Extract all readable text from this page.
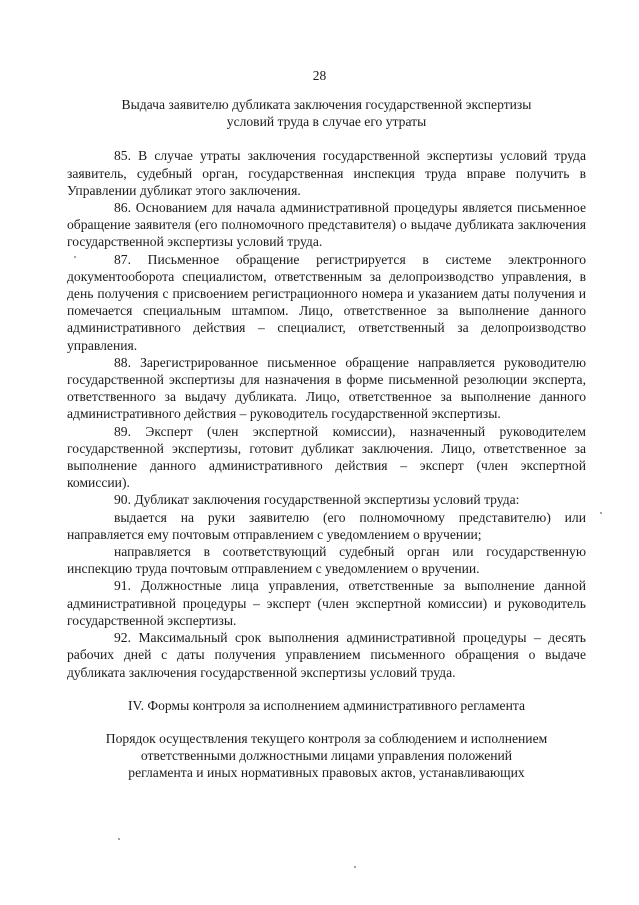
28
Выдача заявителю дубликата заключения государственной экспертизы
условий труда в случае его утраты

85. В случае утраты заключения государственной экспертизы условий труда заявитель, судебный орган, государственная инспекция труда вправе получить в Управлении дубликат этого заключения.

86. Основанием для начала административной процедуры является письменное обращение заявителя (его полномочного представителя) о выдаче дубликата заключения государственной экспертизы условий труда.

87. Письменное обращение регистрируется в системе электронного документооборота специалистом, ответственным за делопроизводство управления, в день получения с присвоением регистрационного номера и указанием даты получения и помечается специальным штампом. Лицо, ответственное за выполнение данного административного действия – специалист, ответственный за делопроизводство управления.

88. Зарегистрированное письменное обращение направляется руководителю государственной экспертизы для назначения в форме письменной резолюции эксперта, ответственного за выдачу дубликата. Лицо, ответственное за выполнение данного административного действия – руководитель государственной экспертизы.

89. Эксперт (член экспертной комиссии), назначенный руководителем государственной экспертизы, готовит дубликат заключения. Лицо, ответственное за выполнение данного административного действия – эксперт (член экспертной комиссии).

90. Дубликат заключения государственной экспертизы условий труда:

выдается на руки заявителю (его полномочному представителю) или направляется ему почтовым отправлением с уведомлением о вручении;

направляется в соответствующий судебный орган или государственную инспекцию труда почтовым отправлением с уведомлением о вручении.

91. Должностные лица управления, ответственные за выполнение данной административной процедуры – эксперт (член экспертной комиссии) и руководитель государственной экспертизы.

92. Максимальный срок выполнения административной процедуры – десять рабочих дней с даты получения управлением письменного обращения о выдаче дубликата заключения государственной экспертизы условий труда.

IV. Формы контроля за исполнением административного регламента
Порядок осуществления текущего контроля за соблюдением и исполнением
ответственными должностными лицами управления положений
регламента и иных нормативных правовых актов, устанавливающих
